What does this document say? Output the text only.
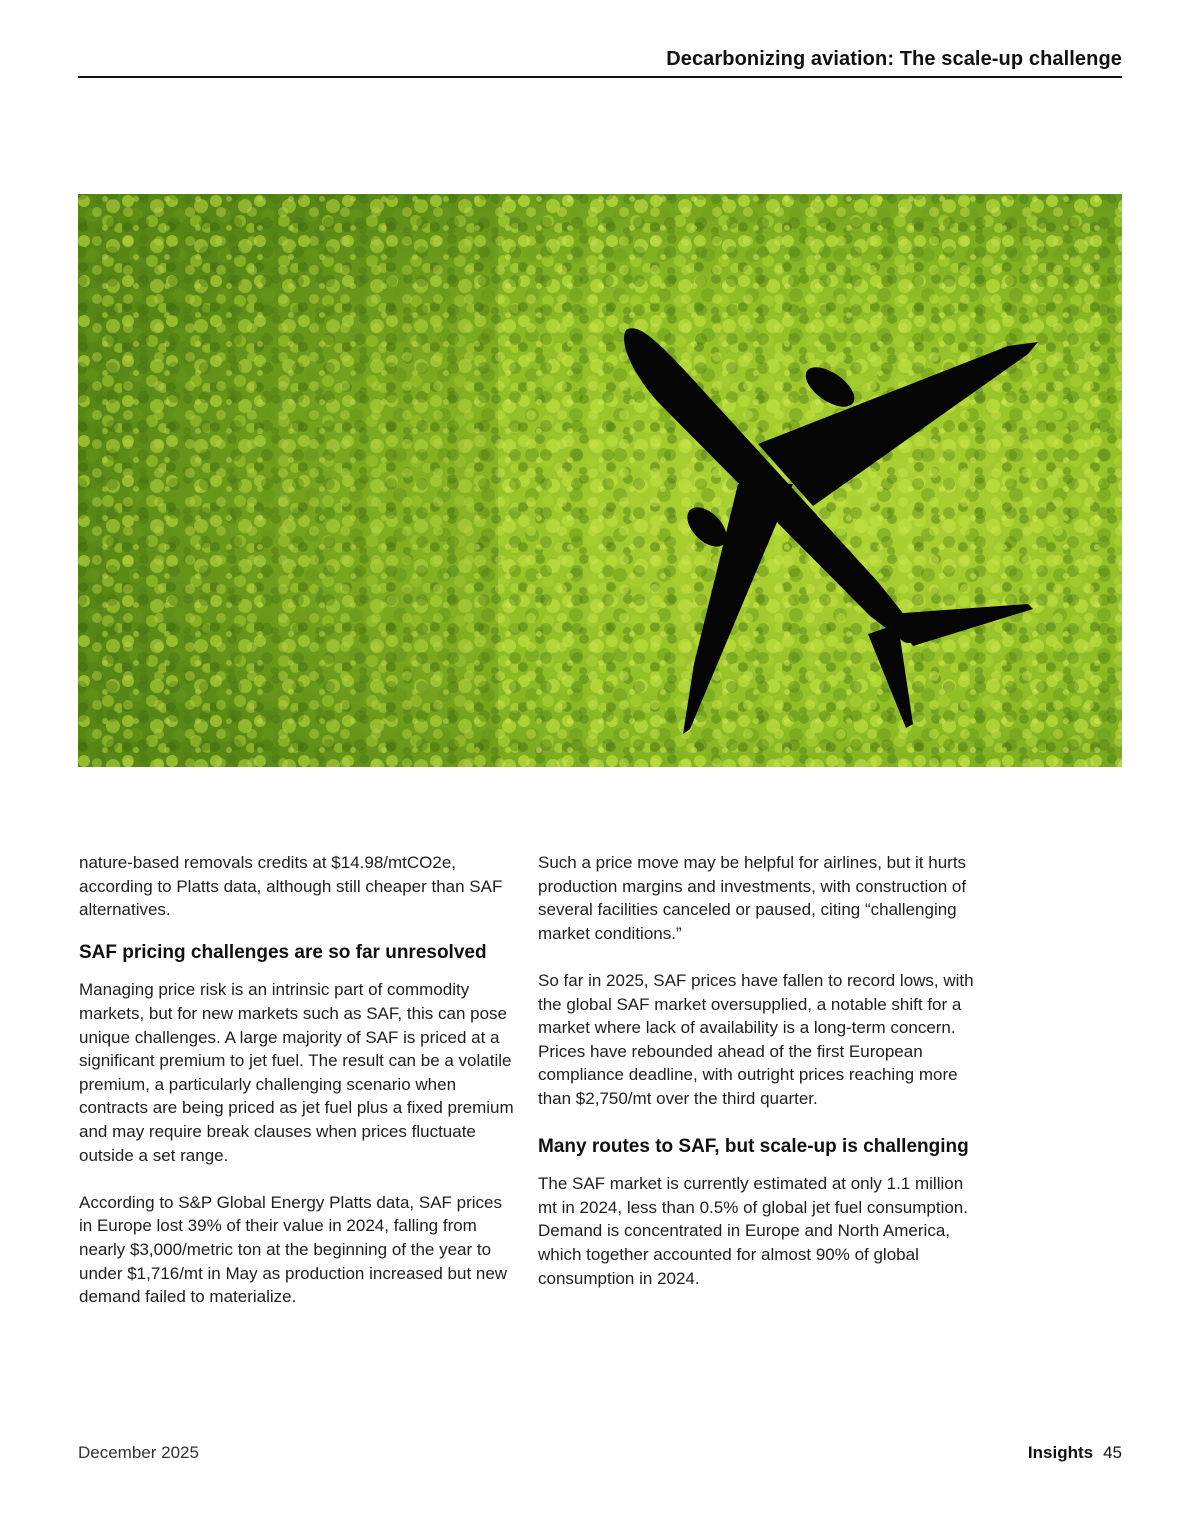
Decarbonizing aviation: The scale-up challenge

nature-based removals credits at $14.98/mtCO2e, according to Platts data, although still cheaper than SAF alternatives.

SAF pricing challenges are so far unresolved

Managing price risk is an intrinsic part of commodity markets, but for new markets such as SAF, this can pose unique challenges. A large majority of SAF is priced at a significant premium to jet fuel. The result can be a volatile premium, a particularly challenging scenario when contracts are being priced as jet fuel plus a fixed premium and may require break clauses when prices fluctuate outside a set range.

According to S&P Global Energy Platts data, SAF prices in Europe lost 39% of their value in 2024, falling from nearly $3,000/metric ton at the beginning of the year to under $1,716/mt in May as production increased but new demand failed to materialize.

Such a price move may be helpful for airlines, but it hurts production margins and investments, with construction of several facilities canceled or paused, citing “challenging market conditions.”

So far in 2025, SAF prices have fallen to record lows, with the global SAF market oversupplied, a notable shift for a market where lack of availability is a long-term concern. Prices have rebounded ahead of the first European compliance deadline, with outright prices reaching more than $2,750/mt over the third quarter.

Many routes to SAF, but scale-up is challenging

The SAF market is currently estimated at only 1.1 million mt in 2024, less than 0.5% of global jet fuel consumption. Demand is concentrated in Europe and North America, which together accounted for almost 90% of global consumption in 2024.

December 2025	Insights 45
